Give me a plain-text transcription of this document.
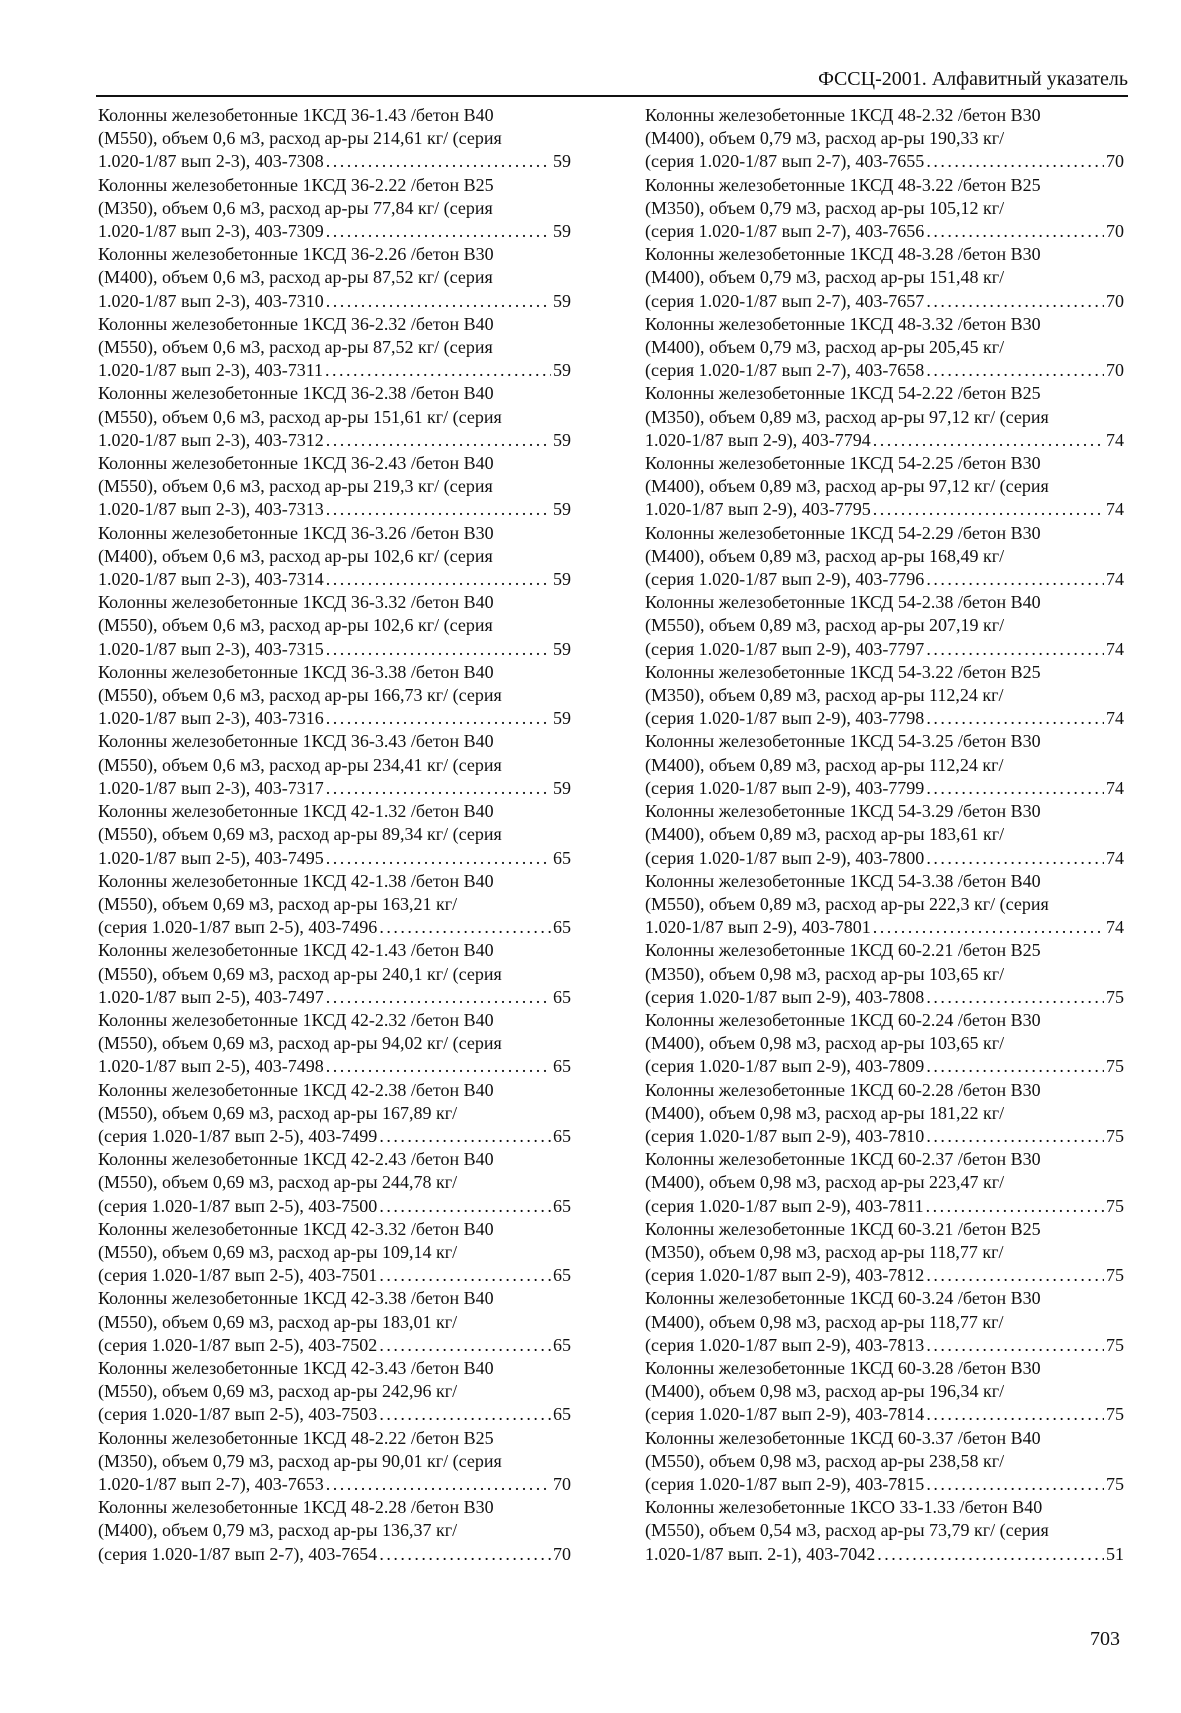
ФССЦ-2001. Алфавитный указатель

Колонны железобетонные 1КСД 36-1.43 /бетон В40
(М550), объем 0,6 м3, расход ар-ры 214,61 кг/ (серия
1.020-1/87 вып 2-3), 403-7308 . . .	59

Колонны железобетонные 1КСД 36-2.22 /бетон В25
(М350), объем 0,6 м3, расход ар-ры 77,84 кг/ (серия
1.020-1/87 вып 2-3), 403-7309 . . .	59

Колонны железобетонные 1КСД 36-2.26 /бетон В30
(М400), объем 0,6 м3, расход ар-ры 87,52 кг/ (серия
1.020-1/87 вып 2-3), 403-7310 . . .	59

Колонны железобетонные 1КСД 36-2.32 /бетон В40
(М550), объем 0,6 м3, расход ар-ры 87,52 кг/ (серия
1.020-1/87 вып 2-3), 403-7311 . . .	59

Колонны железобетонные 1КСД 36-2.38 /бетон В40
(М550), объем 0,6 м3, расход ар-ры 151,61 кг/ (серия
1.020-1/87 вып 2-3), 403-7312 . . .	59

Колонны железобетонные 1КСД 36-2.43 /бетон В40
(М550), объем 0,6 м3, расход ар-ры 219,3 кг/ (серия
1.020-1/87 вып 2-3), 403-7313 . . .	59

Колонны железобетонные 1КСД 36-3.26 /бетон В30
(М400), объем 0,6 м3, расход ар-ры 102,6 кг/ (серия
1.020-1/87 вып 2-3), 403-7314 . . .	59

Колонны железобетонные 1КСД 36-3.32 /бетон В40
(М550), объем 0,6 м3, расход ар-ры 102,6 кг/ (серия
1.020-1/87 вып 2-3), 403-7315 . . .	59

Колонны железобетонные 1КСД 36-3.38 /бетон В40
(М550), объем 0,6 м3, расход ар-ры 166,73 кг/ (серия
1.020-1/87 вып 2-3), 403-7316 . . .	59

Колонны железобетонные 1КСД 36-3.43 /бетон В40
(М550), объем 0,6 м3, расход ар-ры 234,41 кг/ (серия
1.020-1/87 вып 2-3), 403-7317 . . .	59

Колонны железобетонные 1КСД 42-1.32 /бетон В40
(М550), объем 0,69 м3, расход ар-ры 89,34 кг/ (серия
1.020-1/87 вып 2-5), 403-7495 . . .	65

Колонны железобетонные 1КСД 42-1.38 /бетон В40
(М550), объем 0,69 м3, расход ар-ры 163,21 кг/
(серия 1.020-1/87 вып 2-5), 403-7496 . . .	65

Колонны железобетонные 1КСД 42-1.43 /бетон В40
(М550), объем 0,69 м3, расход ар-ры 240,1 кг/ (серия
1.020-1/87 вып 2-5), 403-7497 . . .	65

Колонны железобетонные 1КСД 42-2.32 /бетон В40
(М550), объем 0,69 м3, расход ар-ры 94,02 кг/ (серия
1.020-1/87 вып 2-5), 403-7498 . . .	65

Колонны железобетонные 1КСД 42-2.38 /бетон В40
(М550), объем 0,69 м3, расход ар-ры 167,89 кг/
(серия 1.020-1/87 вып 2-5), 403-7499 . . .	65

Колонны железобетонные 1КСД 42-2.43 /бетон В40
(М550), объем 0,69 м3, расход ар-ры 244,78 кг/
(серия 1.020-1/87 вып 2-5), 403-7500 . . .	65

Колонны железобетонные 1КСД 42-3.32 /бетон В40
(М550), объем 0,69 м3, расход ар-ры 109,14 кг/
(серия 1.020-1/87 вып 2-5), 403-7501 . . .	65

Колонны железобетонные 1КСД 42-3.38 /бетон В40
(М550), объем 0,69 м3, расход ар-ры 183,01 кг/
(серия 1.020-1/87 вып 2-5), 403-7502 . . .	65

Колонны железобетонные 1КСД 42-3.43 /бетон В40
(М550), объем 0,69 м3, расход ар-ры 242,96 кг/
(серия 1.020-1/87 вып 2-5), 403-7503 . . .	65

Колонны железобетонные 1КСД 48-2.22 /бетон В25
(М350), объем 0,79 м3, расход ар-ры 90,01 кг/ (серия
1.020-1/87 вып 2-7), 403-7653 . . .	70

Колонны железобетонные 1КСД 48-2.28 /бетон В30
(М400), объем 0,79 м3, расход ар-ры 136,37 кг/
(серия 1.020-1/87 вып 2-7), 403-7654 . . .	70

Колонны железобетонные 1КСД 48-2.32 /бетон В30
(М400), объем 0,79 м3, расход ар-ры 190,33 кг/
(серия 1.020-1/87 вып 2-7), 403-7655 . . .	70

Колонны железобетонные 1КСД 48-3.22 /бетон В25
(М350), объем 0,79 м3, расход ар-ры 105,12 кг/
(серия 1.020-1/87 вып 2-7), 403-7656 . . .	70

Колонны железобетонные 1КСД 48-3.28 /бетон В30
(М400), объем 0,79 м3, расход ар-ры 151,48 кг/
(серия 1.020-1/87 вып 2-7), 403-7657 . . .	70

Колонны железобетонные 1КСД 48-3.32 /бетон В30
(М400), объем 0,79 м3, расход ар-ры 205,45 кг/
(серия 1.020-1/87 вып 2-7), 403-7658 . . .	70

Колонны железобетонные 1КСД 54-2.22 /бетон В25
(М350), объем 0,89 м3, расход ар-ры 97,12 кг/ (серия
1.020-1/87 вып 2-9), 403-7794 . . .	74

Колонны железобетонные 1КСД 54-2.25 /бетон В30
(М400), объем 0,89 м3, расход ар-ры 97,12 кг/ (серия
1.020-1/87 вып 2-9), 403-7795 . . .	74

Колонны железобетонные 1КСД 54-2.29 /бетон В30
(М400), объем 0,89 м3, расход ар-ры 168,49 кг/
(серия 1.020-1/87 вып 2-9), 403-7796 . . .	74

Колонны железобетонные 1КСД 54-2.38 /бетон В40
(М550), объем 0,89 м3, расход ар-ры 207,19 кг/
(серия 1.020-1/87 вып 2-9), 403-7797 . . .	74

Колонны железобетонные 1КСД 54-3.22 /бетон В25
(М350), объем 0,89 м3, расход ар-ры 112,24 кг/
(серия 1.020-1/87 вып 2-9), 403-7798 . . .	74

Колонны железобетонные 1КСД 54-3.25 /бетон В30
(М400), объем 0,89 м3, расход ар-ры 112,24 кг/
(серия 1.020-1/87 вып 2-9), 403-7799 . . .	74

Колонны железобетонные 1КСД 54-3.29 /бетон В30
(М400), объем 0,89 м3, расход ар-ры 183,61 кг/
(серия 1.020-1/87 вып 2-9), 403-7800 . . .	74

Колонны железобетонные 1КСД 54-3.38 /бетон В40
(М550), объем 0,89 м3, расход ар-ры 222,3 кг/ (серия
1.020-1/87 вып 2-9), 403-7801 . . .	74

Колонны железобетонные 1КСД 60-2.21 /бетон В25
(М350), объем 0,98 м3, расход ар-ры 103,65 кг/
(серия 1.020-1/87 вып 2-9), 403-7808 . . .	75

Колонны железобетонные 1КСД 60-2.24 /бетон В30
(М400), объем 0,98 м3, расход ар-ры 103,65 кг/
(серия 1.020-1/87 вып 2-9), 403-7809 . . .	75

Колонны железобетонные 1КСД 60-2.28 /бетон В30
(М400), объем 0,98 м3, расход ар-ры 181,22 кг/
(серия 1.020-1/87 вып 2-9), 403-7810 . . .	75

Колонны железобетонные 1КСД 60-2.37 /бетон В30
(М400), объем 0,98 м3, расход ар-ры 223,47 кг/
(серия 1.020-1/87 вып 2-9), 403-7811 . . .	75

Колонны железобетонные 1КСД 60-3.21 /бетон В25
(М350), объем 0,98 м3, расход ар-ры 118,77 кг/
(серия 1.020-1/87 вып 2-9), 403-7812 . . .	75

Колонны железобетонные 1КСД 60-3.24 /бетон В30
(М400), объем 0,98 м3, расход ар-ры 118,77 кг/
(серия 1.020-1/87 вып 2-9), 403-7813 . . .	75

Колонны железобетонные 1КСД 60-3.28 /бетон В30
(М400), объем 0,98 м3, расход ар-ры 196,34 кг/
(серия 1.020-1/87 вып 2-9), 403-7814 . . .	75

Колонны железобетонные 1КСД 60-3.37 /бетон В40
(М550), объем 0,98 м3, расход ар-ры 238,58 кг/
(серия 1.020-1/87 вып 2-9), 403-7815 . . .	75

Колонны железобетонные 1КСО 33-1.33 /бетон В40
(М550), объем 0,54 м3, расход ар-ры 73,79 кг/ (серия
1.020-1/87 вып. 2-1), 403-7042 . . .	51

703
